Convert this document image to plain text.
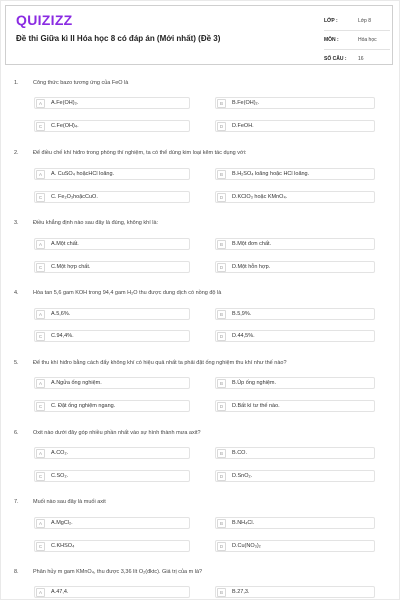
QUIZIZZ
Đề thi Giữa kì II Hóa học 8 có đáp án (Mới nhất) (Đề 3)
LỚP :	Lớp 8
MÔN :	Hóa học
SỐ CÂU :	16
1.	Công thức bazo tương ứng của FeO là
A	A.Fe(OH)₃.	B	B.Fe(OH)₂.
C	C.Fe(OH)₄.	D	D.FeOH.
2.	Để điều chế khí hiđro trong phòng thí nghiệm, ta có thể dùng kim loại kẽm tác dụng với:
A	A. CuSO₄ hoặcHCl loãng.	B	B.H₂SO₄ loãng hoặc HCl loãng.
C	C. Fe₂O₃hoặcCuO.	D	D.KClO₃ hoặc KMnO₄.
3.	Điều khẳng định nào sau đây là đúng, không khí là:
A	A.Một chất.	B	B.Một đơn chất.
C	C.Một hợp chất.	D	D.Một hỗn hợp.
4.	Hòa tan 5,6 gam KOH trong 94,4 gam H₂O thu được dung dịch có nồng độ là
A	A.5,6%.	B	B.5,9%.
C	C.94,4%.	D	D.44,5%.
5.	Để thu khí hiđro bằng cách đẩy không khí có hiệu quả nhất ta phải đặt ống nghiệm thu khí như thế nào?
A	A.Ngửa ống nghiệm.	B	B.Úp ống nghiệm.
C	C. Đặt ống nghiệm ngang.	D	D.Bất kì tư thế nào.
6.	Oxit nào dưới đây góp nhiều phần nhất vào sự hình thành mưa axit?
A	A.CO₂.	B	B.CO.
C	C.SO₂.	D	D.SnO₂.
7.	Muối nào sau đây là muối axit
A	A.MgCl₂.	B	B.NH₄Cl.
C	C.KHSO₄	D	D.Cu(NO₃)₂
8.	Phân hủy m gam KMnO₄, thu được 3,36 lít O₂(đktc). Giá trị của m là?
A	A.47,4.	B	B.27,3.
